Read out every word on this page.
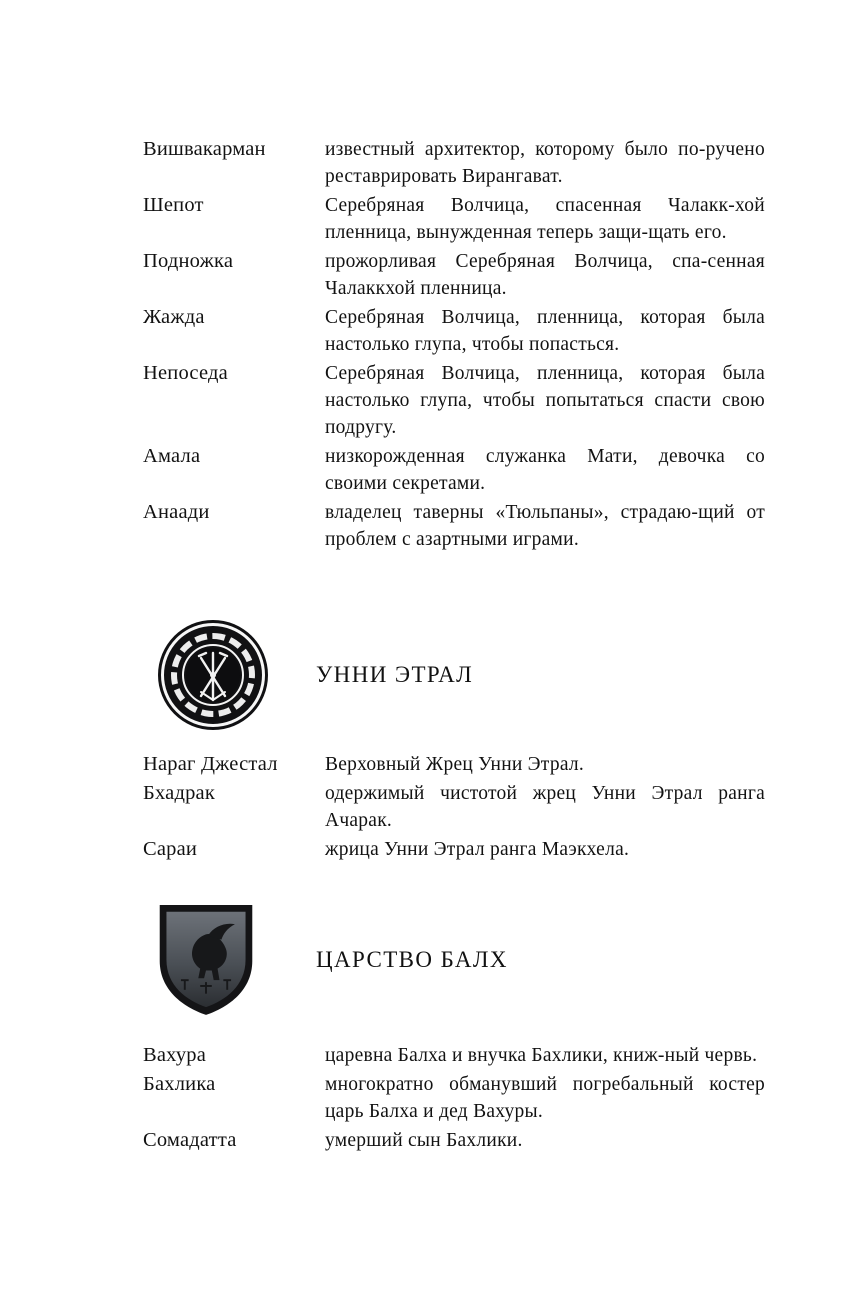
Вишвакарман	известный архитектор, которому было по-ручено реставрировать Вирангават.
Шепот	Серебряная Волчица, спасенная Чалакк-хой пленница, вынужденная теперь защи-щать его.
Подножка	прожорливая Серебряная Волчица, спа-сенная Чалаккхой пленница.
Жажда	Серебряная Волчица, пленница, которая была настолько глупа, чтобы попасться.
Непоседа	Серебряная Волчица, пленница, которая была настолько глупа, чтобы попытаться спасти свою подругу.
Амала	низкорожденная служанка Мати, девочка со своими секретами.
Анаади	владелец таверны «Тюльпаны», страдаю-щий от проблем с азартными играми.
УННИ ЭТРАЛ
Нараг Джестал	Верховный Жрец Унни Этрал.
Бхадрак	одержимый чистотой жрец Унни Этрал ранга Ачарак.
Сараи	жрица Унни Этрал ранга Маэкхела.
ЦАРСТВО БАЛХ
Вахура	царевна Балха и внучка Бахлики, книж-ный червь.
Бахлика	многократно обманувший погребальный костер царь Балха и дед Вахуры.
Сомадатта	умерший сын Бахлики.
